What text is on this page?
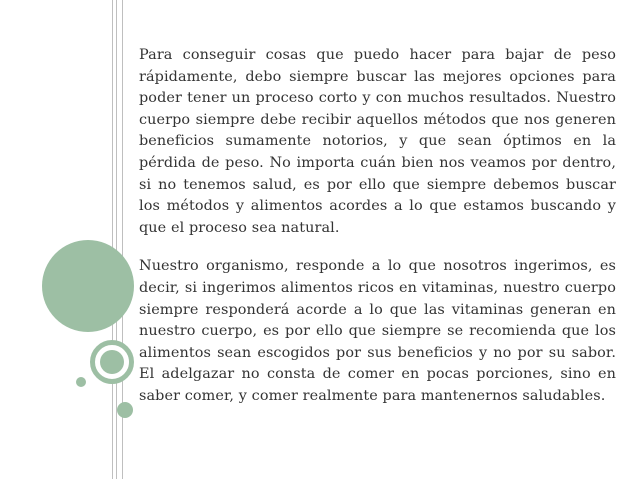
Para conseguir cosas que puedo hacer para bajar de peso rápidamente, debo siempre buscar las mejores opciones para poder tener un proceso corto y con muchos resultados. Nuestro cuerpo siempre debe recibir aquellos métodos que nos generen beneficios sumamente notorios, y que sean óptimos en la pérdida de peso. No importa cuán bien nos veamos por dentro, si no tenemos salud, es por ello que siempre debemos buscar los métodos y alimentos acordes a lo que estamos buscando y que el proceso sea natural.

Nuestro organismo, responde a lo que nosotros ingerimos, es decir, si ingerimos alimentos ricos en vitaminas, nuestro cuerpo siempre responderá acorde a lo que las vitaminas generan en nuestro cuerpo, es por ello que siempre se recomienda que los alimentos sean escogidos por sus beneficios y no por su sabor. El adelgazar no consta de comer en pocas porciones, sino en saber comer, y comer realmente para mantenernos saludables.
